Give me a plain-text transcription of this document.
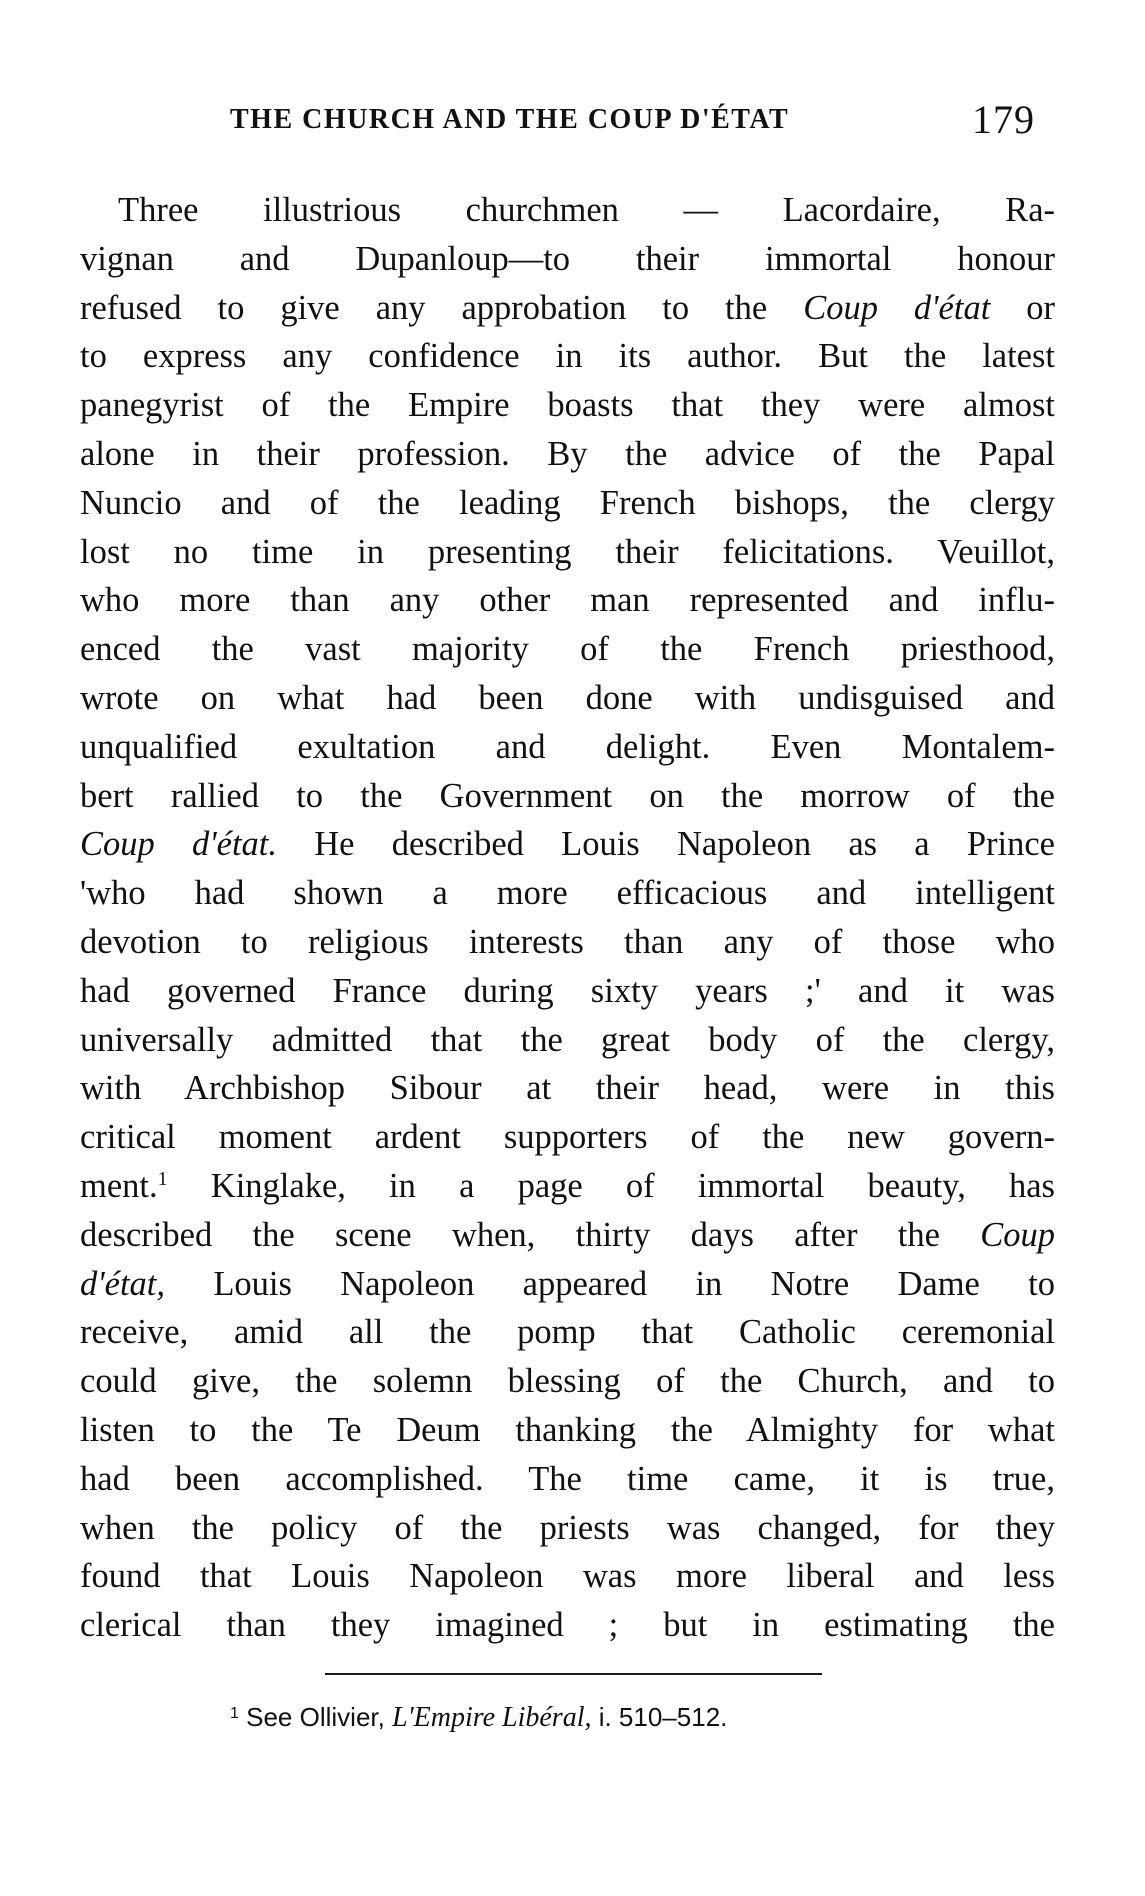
THE CHURCH AND THE COUP D'ÉTAT	179
Three illustrious churchmen — Lacordaire, Ra-
vignan and Dupanloup—to their immortal honour
refused to give any approbation to the Coup d'état or
to express any confidence in its author. But the latest
panegyrist of the Empire boasts that they were almost
alone in their profession. By the advice of the Papal
Nuncio and of the leading French bishops, the clergy
lost no time in presenting their felicitations. Veuillot,
who more than any other man represented and influ-
enced the vast majority of the French priesthood,
wrote on what had been done with undisguised and
unqualified exultation and delight. Even Montalem-
bert rallied to the Government on the morrow of the
Coup d'état. He described Louis Napoleon as a Prince
'who had shown a more efficacious and intelligent
devotion to religious interests than any of those who
had governed France during sixty years ;' and it was
universally admitted that the great body of the clergy,
with Archbishop Sibour at their head, were in this
critical moment ardent supporters of the new govern-
ment.$^1$ Kinglake, in a page of immortal beauty, has
described the scene when, thirty days after the Coup
d'état, Louis Napoleon appeared in Notre Dame to
receive, amid all the pomp that Catholic ceremonial
could give, the solemn blessing of the Church, and to
listen to the Te Deum thanking the Almighty for what
had been accomplished. The time came, it is true,
when the policy of the priests was changed, for they
found that Louis Napoleon was more liberal and less
clerical than they imagined ; but in estimating the
$^1$ See Ollivier, L'Empire Libéral, i. 510–512.
